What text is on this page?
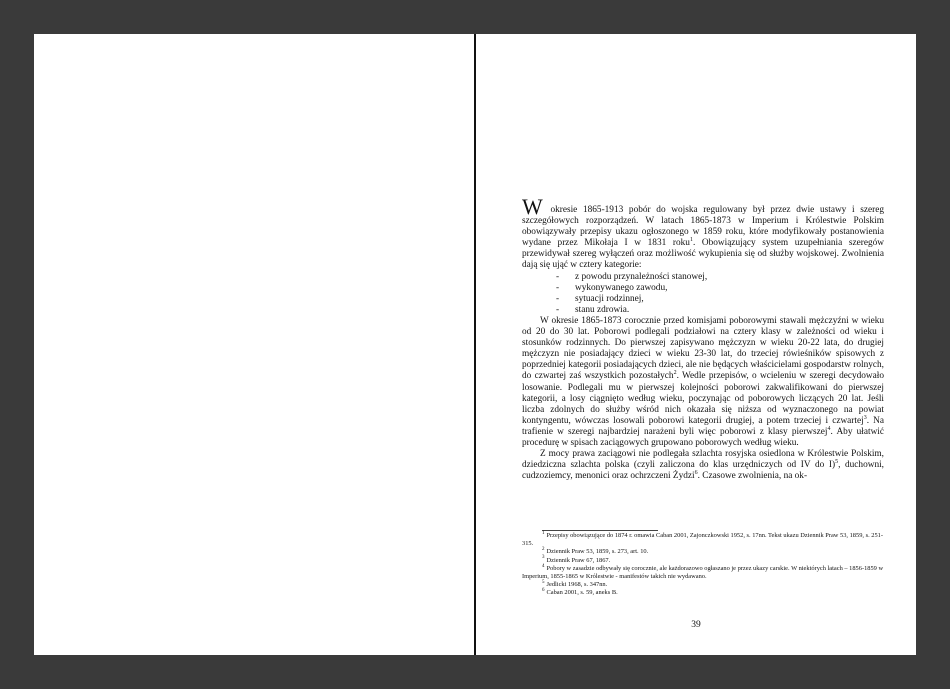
W okresie 1865-1913 pobór do wojska regulowany był przez dwie ustawy i szereg szczegółowych rozporządzeń. W latach 1865-1873 w Imperium i Królestwie Polskim obowiązywały przepisy ukazu ogłoszonego w 1859 roku, które modyfikowały postanowienia wydane przez Mikołaja I w 1831 roku$^1$. Obowiązujący system uzupełniania szeregów przewidywał szereg wyłączeń oraz możliwość wykupienia się od służby wojskowej. Zwolnienia dają się ująć w cztery kategorie:

- z powodu przynależności stanowej,
- wykonywanego zawodu,
- sytuacji rodzinnej,
- stanu zdrowia.

W okresie 1865-1873 corocznie przed komisjami poborowymi stawali mężczyźni w wieku od 20 do 30 lat. Poborowi podlegali podziałowi na cztery klasy w zależności od wieku i stosunków rodzinnych. Do pierwszej zapisywano mężczyzn w wieku 20-22 lata, do drugiej mężczyzn nie posiadający dzieci w wieku 23-30 lat, do trzeciej rówieśników spisowych z poprzedniej kategorii posiadających dzieci, ale nie będących właścicielami gospodarstw rolnych, do czwartej zaś wszystkich pozostałych$^2$. Wedle przepisów, o wcieleniu w szeregi decydowało losowanie. Podlegali mu w pierwszej kolejności poborowi zakwalifikowani do pierwszej kategorii, a losy ciągnięto według wieku, poczynając od poborowych liczących 20 lat. Jeśli liczba zdolnych do służby wśród nich okazała się niższa od wyznaczonego na powiat kontyngentu, wówczas losowali poborowi kategorii drugiej, a potem trzeciej i czwartej$^3$. Na trafienie w szeregi najbardziej narażeni byli więc poborowi z klasy pierwszej$^4$. Aby ułatwić procedurę w spisach zaciągowych grupowano poborowych według wieku.

Z mocy prawa zaciągowi nie podlegała szlachta rosyjska osiedlona w Królestwie Polskim, dziedziczna szlachta polska (czyli zaliczona do klas urzędniczych od IV do I)$^5$, duchowni, cudzoziemcy, menonici oraz ochrzczeni Żydzi$^6$. Czasowe zwolnienia, na ok-

$^1$ Przepisy obowiązujące do 1874 r. omawia Caban 2001, Zajonczkowski 1952, s. 17nn. Tekst ukazu Dziennik Praw 53, 1859, s. 251-315.

$^2$ Dziennik Praw 53, 1859, s. 273, art. 10.

$^3$ Dziennik Praw 67, 1867.

$^4$ Pobory w zasadzie odbywały się corocznie, ale każdorazowo ogłaszano je przez ukazy carskie. W niektórych latach – 1856-1859 w Imperium, 1855-1865 w Królestwie - manifestów takich nie wydawano.

$^5$ Jedlicki 1968, s. 347nn.

$^6$ Caban 2001, s. 59, aneks B.

39
